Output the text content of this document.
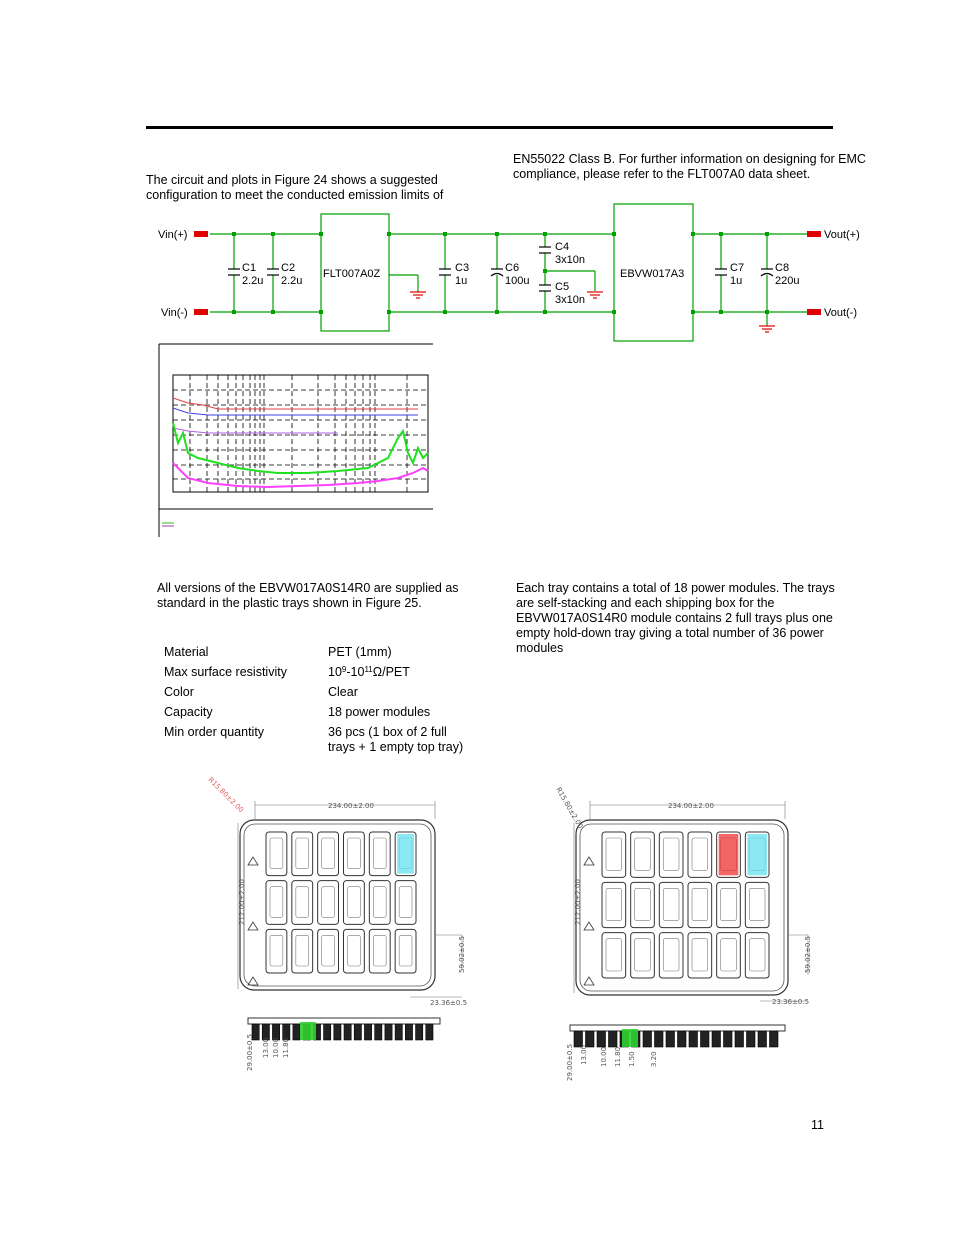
The circuit and plots in Figure 24 shows a suggested configuration to meet the conducted emission limits of
EN55022 Class B. For further information on designing for EMC compliance, please refer to the FLT007A0 data sheet.
Vin(+)
Vin(-)
Vout(+)
Vout(-)
FLT007A0Z	EBVW017A3
C1
2.2u
C2
2.2u
C3
1u
C6
100u
C4
3x10n
C5
3x10n
C7
1u
C8
220u
All versions of the EBVW017A0S14R0 are supplied as standard in the plastic trays shown in Figure 25.
Each tray contains a total of 18 power modules. The trays are self-stacking and each shipping box for the EBVW017A0S14R0 module contains 2 full trays plus one empty hold-down tray giving a total number of 36 power modules
Material	PET (1mm)
Max surface resistivity	$10^9-10^{11}\Omega$/PET
Color	Clear
Capacity	18 power modules
Min order quantity	36 pcs (1 box of 2 full
trays + 1 empty top tray)
234.00±2.00
R15.80±2.00
212.00±2.00
59.02±0.5
23.36±0.5
29.00±0.5 13.00 10.00 11.80
234.00±2.00
R15.80±2.00
212.00±2.00
59.02±0.5
23.36±0.5
29.00±0.5 13.00 10.00 11.80 1.50 3.20
11
